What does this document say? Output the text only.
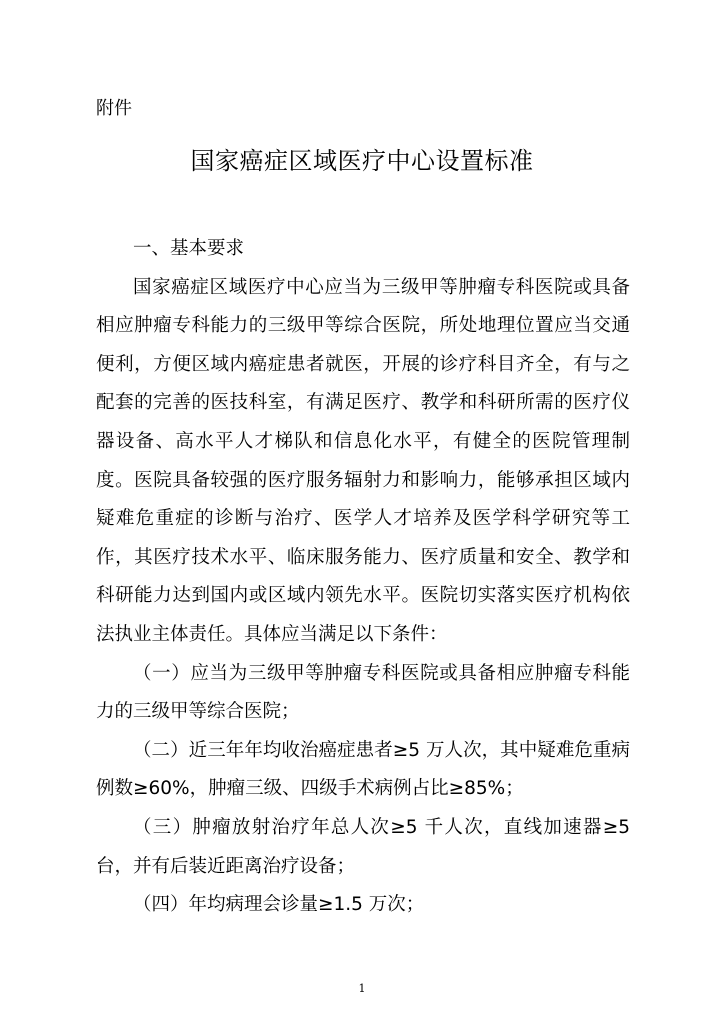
附件
国家癌症区域医疗中心设置标准
一、基本要求

国家癌症区域医疗中心应当为三级甲等肿瘤专科医院或具备相应肿瘤专科能力的三级甲等综合医院，所处地理位置应当交通便利，方便区域内癌症患者就医，开展的诊疗科目齐全，有与之配套的完善的医技科室，有满足医疗、教学和科研所需的医疗仪器设备、高水平人才梯队和信息化水平，有健全的医院管理制度。医院具备较强的医疗服务辐射力和影响力，能够承担区域内疑难危重症的诊断与治疗、医学人才培养及医学科学研究等工作，其医疗技术水平、临床服务能力、医疗质量和安全、教学和科研能力达到国内或区域内领先水平。医院切实落实医疗机构依法执业主体责任。具体应当满足以下条件：

（一）应当为三级甲等肿瘤专科医院或具备相应肿瘤专科能力的三级甲等综合医院；

（二）近三年年均收治癌症患者≥5 万人次，其中疑难危重病例数≥60%，肿瘤三级、四级手术病例占比≥85%；

（三）肿瘤放射治疗年总人次≥5 千人次，直线加速器≥5 台，并有后装近距离治疗设备；

（四）年均病理会诊量≥1.5 万次；

1
